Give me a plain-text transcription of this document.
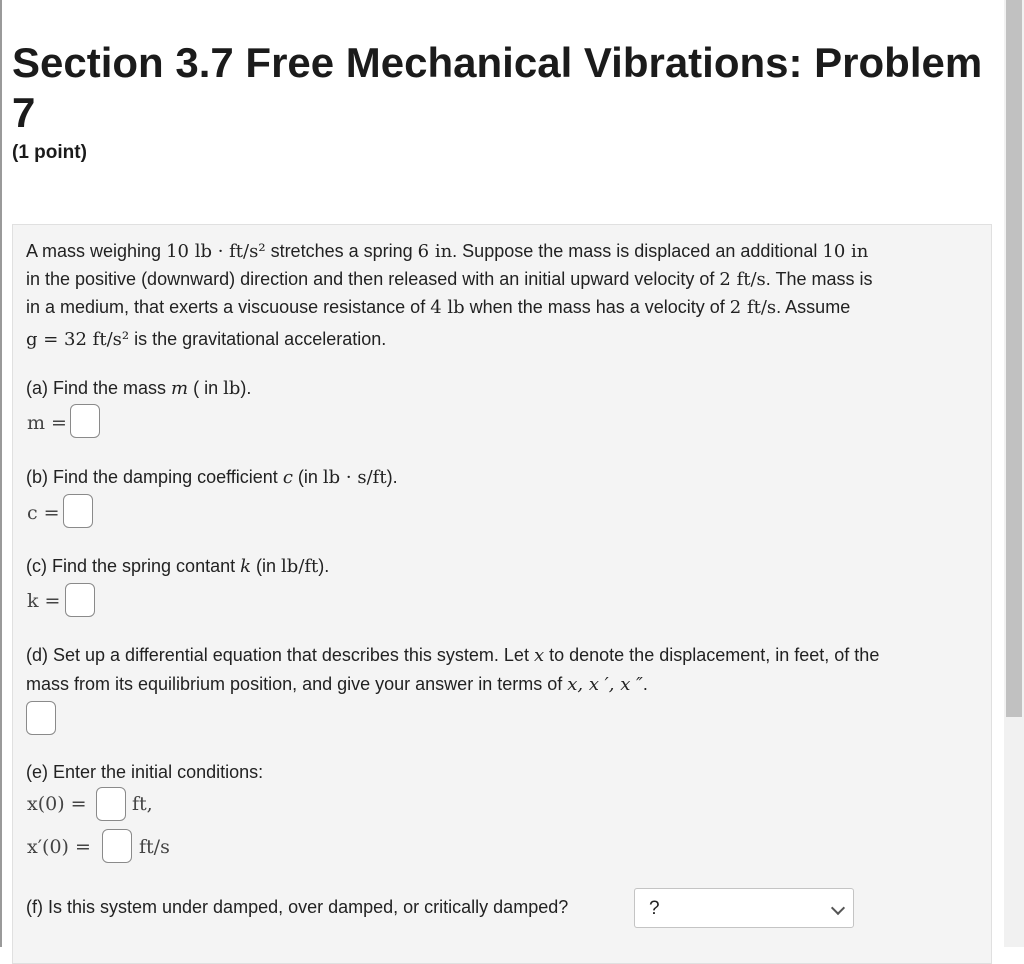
Section 3.7 Free Mechanical Vibrations: Problem 7
(1 point)
A mass weighing 10 lb · ft/s² stretches a spring 6 in. Suppose the mass is displaced an additional 10 in
in the positive (downward) direction and then released with an initial upward velocity of 2 ft/s. The mass is
in a medium, that exerts a viscuouse resistance of 4 lb when the mass has a velocity of 2 ft/s. Assume
g = 32 ft/s² is the gravitational acceleration.
(a) Find the mass m ( in lb).
m =
(b) Find the damping coefficient c (in lb · s/ft).
c =
(c) Find the spring contant k (in lb/ft).
k =
(d) Set up a differential equation that describes this system. Let x to denote the displacement, in feet, of the
mass from its equilibrium position, and give your answer in terms of x, x ′, x ″.
(e) Enter the initial conditions:
x(0) = ft,
x′(0) =	ft/s
(f) Is this system under damped, over damped, or critically damped?	?
